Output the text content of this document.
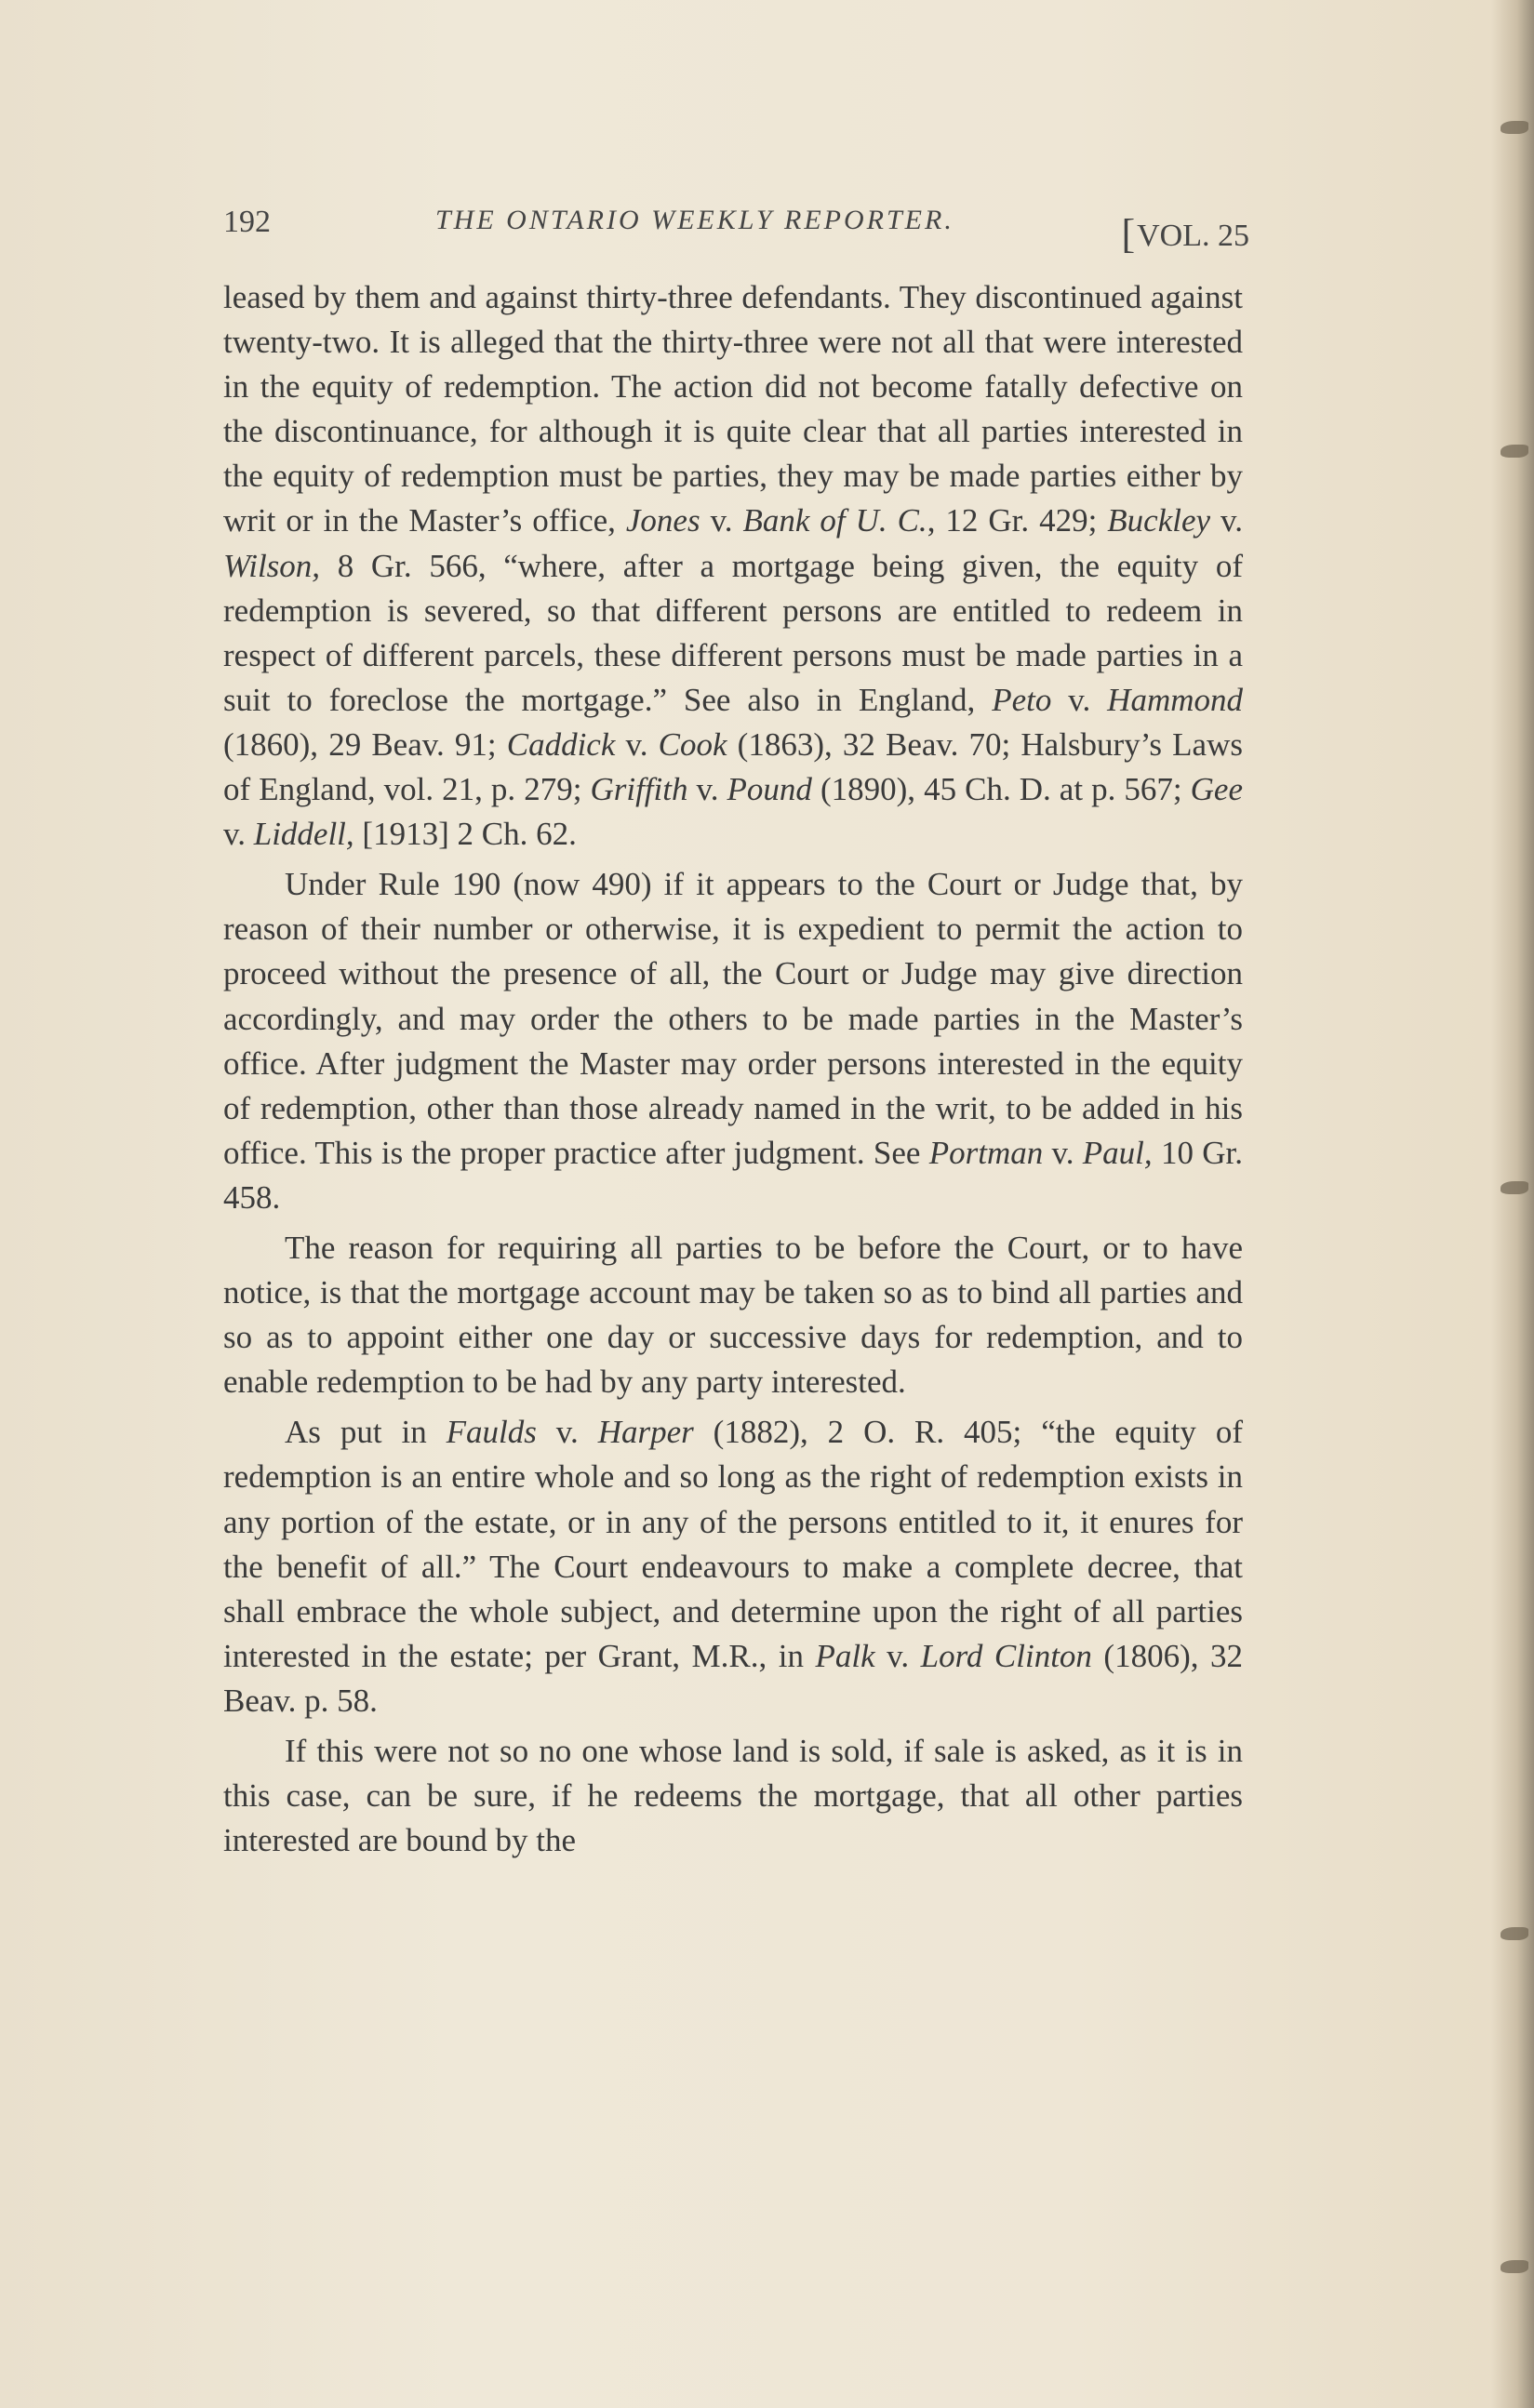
192	THE ONTARIO WEEKLY REPORTER.	[VOL. 25

leased by them and against thirty-three defendants. They discontinued against twenty-two. It is alleged that the thirty-three were not all that were interested in the equity of redemption. The action did not become fatally defective on the discontinuance, for although it is quite clear that all parties interested in the equity of redemption must be parties, they may be made parties either by writ or in the Master’s office, Jones v. Bank of U. C., 12 Gr. 429; Buckley v. Wilson, 8 Gr. 566, “where, after a mortgage being given, the equity of redemption is severed, so that different persons are entitled to redeem in respect of different parcels, these different persons must be made parties in a suit to foreclose the mortgage.” See also in England, Peto v. Hammond (1860), 29 Beav. 91; Caddick v. Cook (1863), 32 Beav. 70; Halsbury’s Laws of England, vol. 21, p. 279; Griffith v. Pound (1890), 45 Ch. D. at p. 567; Gee v. Liddell, [1913] 2 Ch. 62.

Under Rule 190 (now 490) if it appears to the Court or Judge that, by reason of their number or otherwise, it is expedient to permit the action to proceed without the presence of all, the Court or Judge may give direction accordingly, and may order the others to be made parties in the Master’s office. After judgment the Master may order persons interested in the equity of redemption, other than those already named in the writ, to be added in his office. This is the proper practice after judgment. See Portman v. Paul, 10 Gr. 458.

The reason for requiring all parties to be before the Court, or to have notice, is that the mortgage account may be taken so as to bind all parties and so as to appoint either one day or successive days for redemption, and to enable redemption to be had by any party interested.

As put in Faulds v. Harper (1882), 2 O. R. 405; “the equity of redemption is an entire whole and so long as the right of redemption exists in any portion of the estate, or in any of the persons entitled to it, it enures for the benefit of all.” The Court endeavours to make a complete decree, that shall embrace the whole subject, and determine upon the right of all parties interested in the estate; per Grant, M.R., in Palk v. Lord Clinton (1806), 32 Beav. p. 58.

If this were not so no one whose land is sold, if sale is asked, as it is in this case, can be sure, if he redeems the mortgage, that all other parties interested are bound by the
